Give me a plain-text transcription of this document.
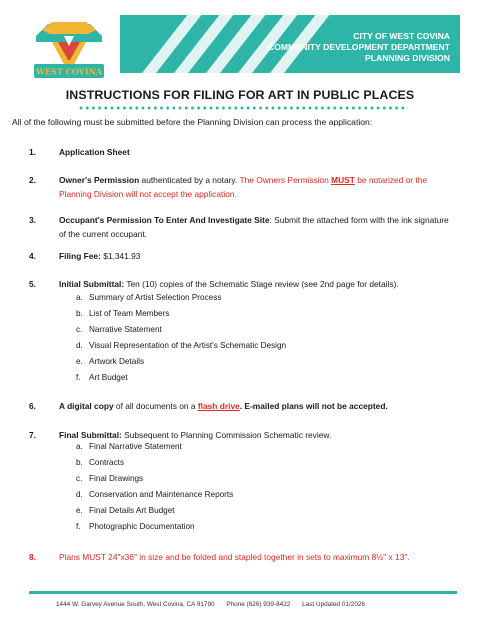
CITY OF WEST COVINA
COMMUNITY DEVELOPMENT DEPARTMENT
PLANNING DIVISION
WEST COVINA
INSTRUCTIONS FOR FILING FOR ART IN PUBLIC PLACES
All of the following must be submitted before the Planning Division can process the application:
1.	Application Sheet
2.	Owner's Permission authenticated by a notary. The Owners Permission MUST be notarized or the Planning Division will not accept the application.
3.	Occupant's Permission To Enter And Investigate Site: Submit the attached form with the ink signature of the current occupant.
4.	Filing Fee: $1,341.93
5.	Initial Submittal: Ten (10) copies of the Schematic Stage review (see 2nd page for details).
a. Summary of Artist Selection Process
b. List of Team Members
c. Narrative Statement
d. Visual Representation of the Artist's Schematic Design
e. Artwork Details
f. Art Budget
6.	A digital copy of all documents on a flash drive. E-mailed plans will not be accepted.
7.	Final Submittal: Subsequent to Planning Commission Schematic review.
a. Final Narrative Statement
b. Contracts
c. Final Drawings
d. Conservation and Maintenance Reports
e. Final Details Art Budget
f. Photographic Documentation
8.	Plans MUST 24"x36" in size and be folded and stapled together in sets to maximum 8½" x 13".
1444 W. Garvey Avenue South, West Covina, CA 91790 Phone (626) 939-8422 Last Updated 01/2026
